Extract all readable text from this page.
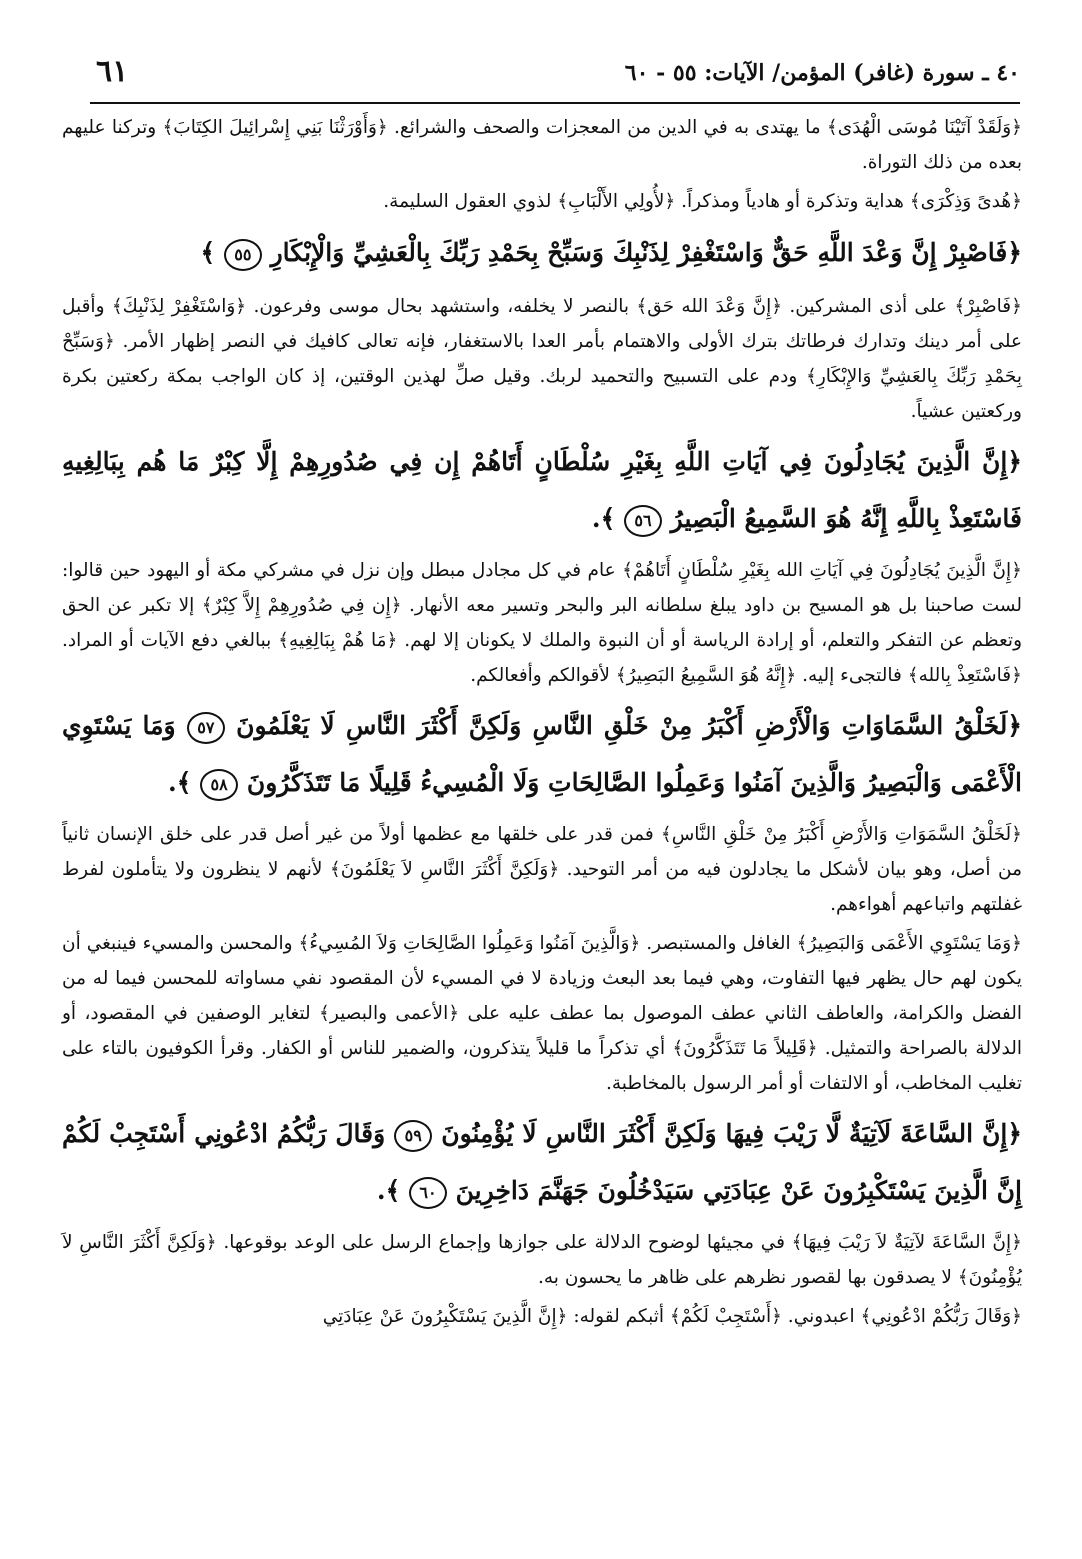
٤٠ ـ سورة (غافر) المؤمن/ الآيات: ٥٥ - ٦٠
٦١

﴿وَلَقَدْ آتَيْنَا مُوسَى الْهُدَى﴾ ما يهتدى به في الدين من المعجزات والصحف والشرائع. ﴿وَأَوْرَثْنَا بَنِي إِسْرائِيلَ الكِتَابَ﴾ وتركنا عليهم بعده من ذلك التوراة.

﴿هُدىً وَذِكْرَى﴾ هداية وتذكرة أو هادياً ومذكراً. ﴿لأُولِي الأَلْبَابِ﴾ لذوي العقول السليمة.

﴿فَاصْبِرْ إِنَّ وَعْدَ اللَّهِ حَقٌّ وَاسْتَغْفِرْ لِذَنْبِكَ وَسَبِّحْ بِحَمْدِ رَبِّكَ بِالْعَشِيِّ وَالْإِبْكَارِ ٥٥ ﴾

﴿فَاصْبِرْ﴾ على أذى المشركين. ﴿إِنَّ وَعْدَ الله حَق﴾ بالنصر لا يخلفه، واستشهد بحال موسى وفرعون. ﴿وَاسْتَغْفِرْ لِذَنْبِكَ﴾ وأقبل على أمر دينك وتدارك فرطاتك بترك الأولى والاهتمام بأمر العدا بالاستغفار، فإنه تعالى كافيك في النصر إظهار الأمر. ﴿وَسَبِّحْ بِحَمْدِ رَبِّكَ بِالعَشِيِّ وَالإِبْكَارِ﴾ ودم على التسبيح والتحميد لربك. وقيل صلِّ لهذين الوقتين، إذ كان الواجب بمكة ركعتين بكرة وركعتين عشياً.

﴿إِنَّ الَّذِينَ يُجَادِلُونَ فِي آيَاتِ اللَّهِ بِغَيْرِ سُلْطَانٍ أَتَاهُمْ إِن فِي صُدُورِهِمْ إِلَّا كِبْرٌ مَا هُم بِبَالِغِيهِ فَاسْتَعِذْ بِاللَّهِ إِنَّهُ هُوَ السَّمِيعُ الْبَصِيرُ ٥٦ ﴾.

﴿إِنَّ الَّذِينَ يُجَادِلُونَ فِي آيَاتِ الله بِغَيْرِ سُلْطَانٍ أَتَاهُمْ﴾ عام في كل مجادل مبطل وإن نزل في مشركي مكة أو اليهود حين قالوا: لست صاحبنا بل هو المسيح بن داود يبلغ سلطانه البر والبحر وتسير معه الأنهار. ﴿إِن فِي صُدُورِهِمْ إِلاَّ كِبْرٌ﴾ إلا تكبر عن الحق وتعظم عن التفكر والتعلم، أو إرادة الرياسة أو أن النبوة والملك لا يكونان إلا لهم. ﴿مَا هُمْ بِبَالِغِيهِ﴾ ببالغي دفع الآيات أو المراد. ﴿فَاسْتَعِذْ بِالله﴾ فالتجىء إليه. ﴿إِنَّهُ هُوَ السَّمِيعُ البَصِيرُ﴾ لأقوالكم وأفعالكم.

﴿لَخَلْقُ السَّمَاوَاتِ وَالْأَرْضِ أَكْبَرُ مِنْ خَلْقِ النَّاسِ وَلَكِنَّ أَكْثَرَ النَّاسِ لَا يَعْلَمُونَ ٥٧ وَمَا يَسْتَوِي الْأَعْمَى وَالْبَصِيرُ وَالَّذِينَ آمَنُوا وَعَمِلُوا الصَّالِحَاتِ وَلَا الْمُسِيءُ قَلِيلًا مَا تَتَذَكَّرُونَ ٥٨ ﴾.

﴿لَخَلْقُ السَّمَوَاتِ وَالأَرْضِ أَكْبَرُ مِنْ خَلْقِ النَّاسِ﴾ فمن قدر على خلقها مع عظمها أولاً من غير أصل قدر على خلق الإنسان ثانياً من أصل، وهو بيان لأشكل ما يجادلون فيه من أمر التوحيد. ﴿وَلَكِنَّ أَكْثَرَ النَّاسِ لاَ يَعْلَمُونَ﴾ لأنهم لا ينظرون ولا يتأملون لفرط غفلتهم واتباعهم أهواءهم.

﴿وَمَا يَسْتَوِي الأَعْمَى وَالبَصِيرُ﴾ الغافل والمستبصر. ﴿وَالَّذِينَ آمَنُوا وَعَمِلُوا الصَّالِحَاتِ وَلاَ المُسِيءُ﴾ والمحسن والمسيء فينبغي أن يكون لهم حال يظهر فيها التفاوت، وهي فيما بعد البعث وزيادة لا في المسيء لأن المقصود نفي مساواته للمحسن فيما له من الفضل والكرامة، والعاطف الثاني عطف الموصول بما عطف عليه على ﴿الأعمى والبصير﴾ لتغاير الوصفين في المقصود، أو الدلالة بالصراحة والتمثيل. ﴿قَلِيلاً مَا تَتَذَكَّرُونَ﴾ أي تذكراً ما قليلاً يتذكرون، والضمير للناس أو الكفار. وقرأ الكوفيون بالتاء على تغليب المخاطب، أو الالتفات أو أمر الرسول بالمخاطبة.

﴿إِنَّ السَّاعَةَ لَآتِيَةٌ لَّا رَيْبَ فِيهَا وَلَكِنَّ أَكْثَرَ النَّاسِ لَا يُؤْمِنُونَ ٥٩ وَقَالَ رَبُّكُمُ ادْعُونِي أَسْتَجِبْ لَكُمْ إِنَّ الَّذِينَ يَسْتَكْبِرُونَ عَنْ عِبَادَتِي سَيَدْخُلُونَ جَهَنَّمَ دَاخِرِينَ ٦٠ ﴾.

﴿إِنَّ السَّاعَةَ لآتِيَةٌ لاَ رَيْبَ فِيهَا﴾ في مجيئها لوضوح الدلالة على جوازها وإجماع الرسل على الوعد بوقوعها. ﴿وَلَكِنَّ أَكْثَرَ النَّاسِ لاَ يُؤْمِنُونَ﴾ لا يصدقون بها لقصور نظرهم على ظاهر ما يحسون به.

﴿وَقَالَ رَبُّكُمْ ادْعُونِي﴾ اعبدوني. ﴿أَسْتَجِبْ لَكُمْ﴾ أثبكم لقوله: ﴿إِنَّ الَّذِينَ يَسْتَكْبِرُونَ عَنْ عِبَادَتِي
